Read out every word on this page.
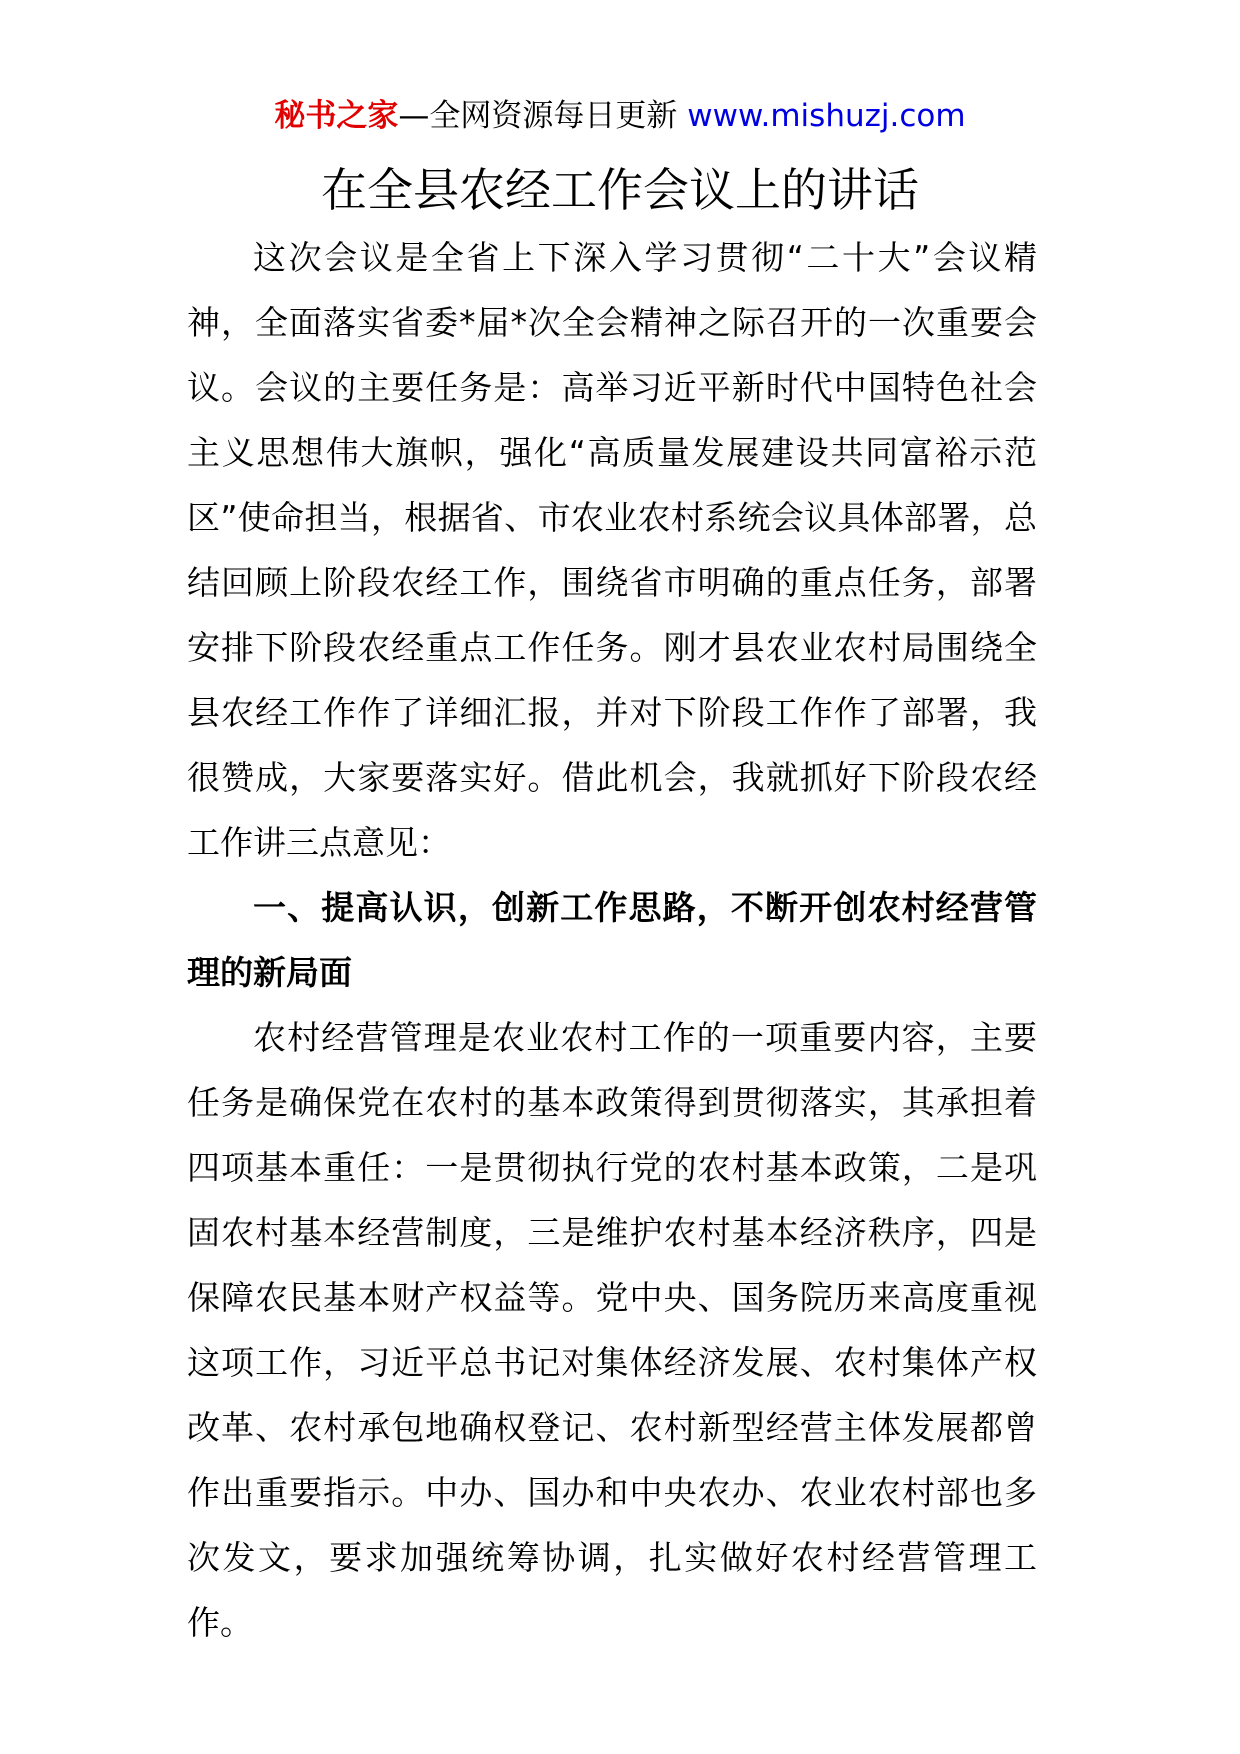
秘书之家—全网资源每日更新 www.mishuzj.com
在全县农经工作会议上的讲话

这次会议是全省上下深入学习贯彻“二十大”会议精神，全面落实省委*届*次全会精神之际召开的一次重要会议。会议的主要任务是：高举习近平新时代中国特色社会主义思想伟大旗帜，强化“高质量发展建设共同富裕示范区”使命担当，根据省、市农业农村系统会议具体部署，总结回顾上阶段农经工作，围绕省市明确的重点任务，部署安排下阶段农经重点工作任务。刚才县农业农村局围绕全县农经工作作了详细汇报，并对下阶段工作作了部署，我很赞成，大家要落实好。借此机会，我就抓好下阶段农经工作讲三点意见：

一、提高认识，创新工作思路，不断开创农村经营管理的新局面

农村经营管理是农业农村工作的一项重要内容，主要任务是确保党在农村的基本政策得到贯彻落实，其承担着四项基本重任：一是贯彻执行党的农村基本政策，二是巩固农村基本经营制度，三是维护农村基本经济秩序，四是保障农民基本财产权益等。党中央、国务院历来高度重视这项工作，习近平总书记对集体经济发展、农村集体产权改革、农村承包地确权登记、农村新型经营主体发展都曾作出重要指示。中办、国办和中央农办、农业农村部也多次发文，要求加强统筹协调，扎实做好农村经营管理工作。
